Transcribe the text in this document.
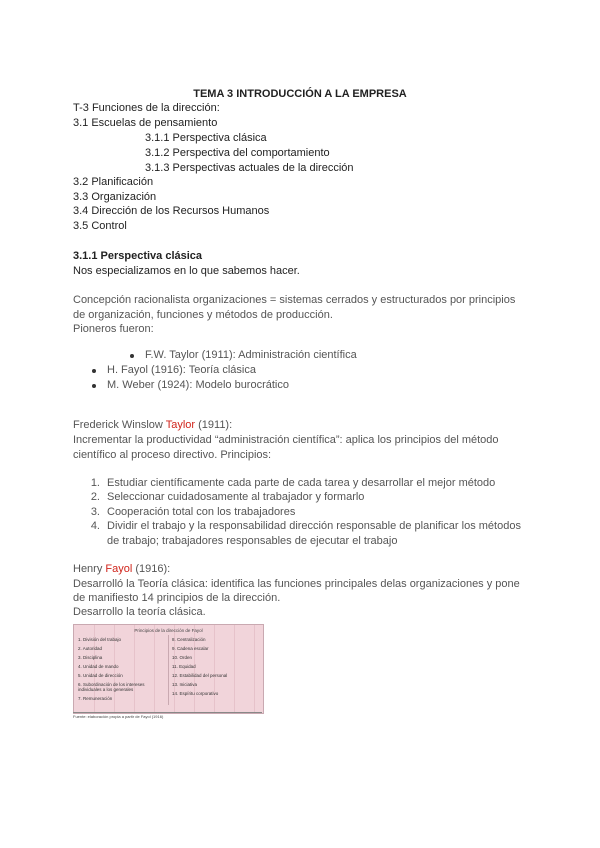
TEMA 3 INTRODUCCIÓN A LA EMPRESA
T-3 Funciones de la dirección:
3.1 Escuelas de pensamiento
3.1.1 Perspectiva clásica
3.1.2 Perspectiva del comportamiento
3.1.3 Perspectivas actuales de la dirección
3.2 Planificación
3.3 Organización
3.4 Dirección de los Recursos Humanos
3.5 Control
3.1.1 Perspectiva clásica
Nos especializamos en lo que sabemos hacer.
Concepción racionalista organizaciones = sistemas cerrados y estructurados por principios
de organización, funciones y métodos de producción.
Pioneros fueron:
F.W. Taylor (1911): Administración científica
H. Fayol (1916): Teoría clásica
M. Weber (1924): Modelo burocrático
Frederick Winslow Taylor (1911):
Incrementar la productividad “administración científica”: aplica los principios del método
científico al proceso directivo. Principios:
1. Estudiar científicamente cada parte de cada tarea y desarrollar el mejor método
2. Seleccionar cuidadosamente al trabajador y formarlo
3. Cooperación total con los trabajadores
4. Dividir el trabajo y la responsabilidad dirección responsable de planificar los métodos
de trabajo; trabajadores responsables de ejecutar el trabajo
Henry Fayol (1916):
Desarrolló la Teoría clásica: identifica las funciones principales delas organizaciones y pone
de manifiesto 14 principios de la dirección.
Desarrollo la teoría clásica.
Principios de la dirección de Fayol
1. División del trabajo
2. Autoridad
3. Disciplina
4. Unidad de mando
5. Unidad de dirección
6. Subordinación de los intereses
individuales a los generales
7. Remuneración
8. Centralización
9. Cadena escalar
10. Orden
11. Equidad
12. Estabilidad del personal
13. Iniciativa
14. Espíritu corporativo
Fuente: elaboración propia a partir de Fayol (1916)
